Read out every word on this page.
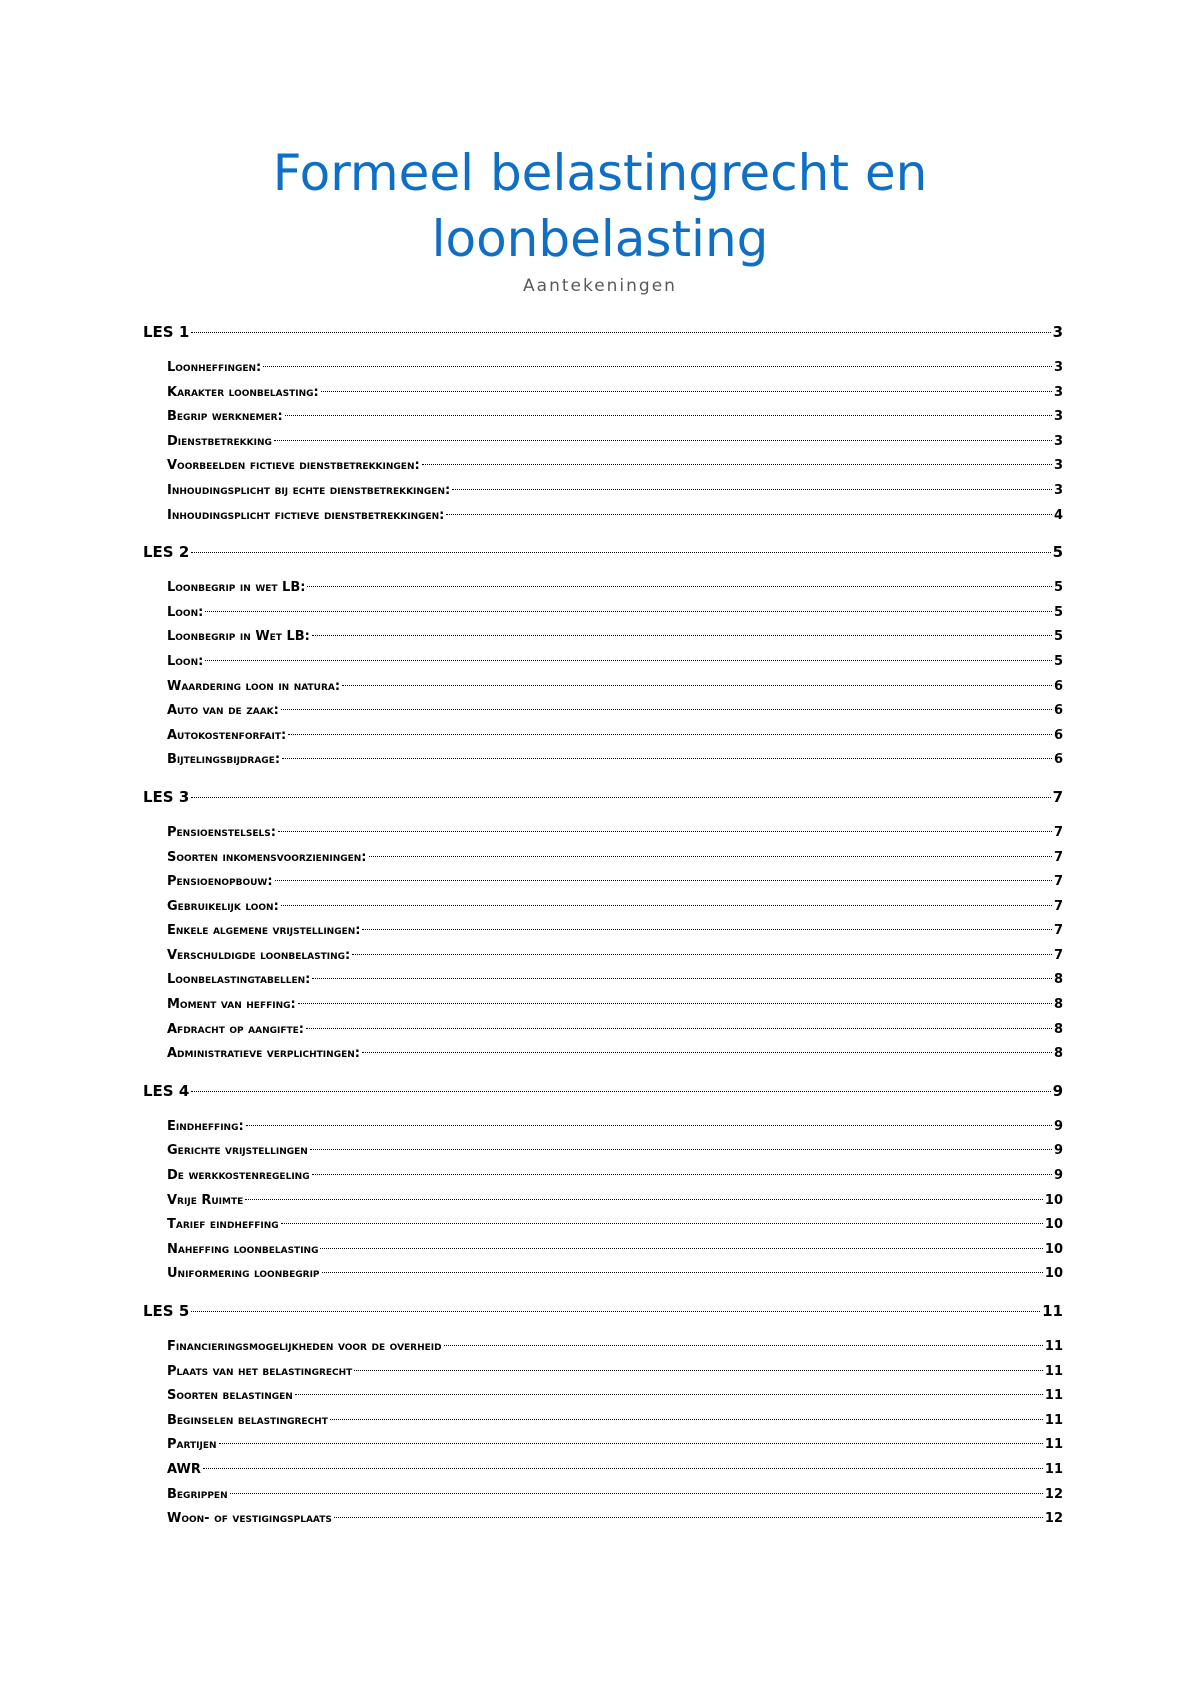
Formeel belastingrecht en
loonbelasting

Aantekeningen

LES 1	3
Loonheffingen:	3
Karakter loonbelasting:	3
Begrip werknemer:	3
Dienstbetrekking	3
Voorbeelden fictieve dienstbetrekkingen:	3
Inhoudingsplicht bij echte dienstbetrekkingen:	3
Inhoudingsplicht fictieve dienstbetrekkingen:	4
LES 2	5
Loonbegrip in wet LB:	5
Loon:	5
Loonbegrip in Wet LB:	5
Loon:	5
Waardering loon in natura:	6
Auto van de zaak:	6
Autokostenforfait:	6
Bijtelingsbijdrage:	6
LES 3	7
Pensioenstelsels:	7
Soorten inkomensvoorzieningen:	7
Pensioenopbouw:	7
Gebruikelijk loon:	7
Enkele algemene vrijstellingen:	7
Verschuldigde loonbelasting:	7
Loonbelastingtabellen:	8
Moment van heffing:	8
Afdracht op aangifte:	8
Administratieve verplichtingen:	8
LES 4	9
Eindheffing:	9
Gerichte vrijstellingen	9
De werkkostenregeling	9
Vrije Ruimte	10
Tarief eindheffing	10
Naheffing loonbelasting	10
Uniformering loonbegrip	10
LES 5	11
Financieringsmogelijkheden voor de overheid	11
Plaats van het belastingrecht	11
Soorten belastingen	11
Beginselen belastingrecht	11
Partijen	11
AWR	11
Begrippen	12
Woon- of vestigingsplaats	12
